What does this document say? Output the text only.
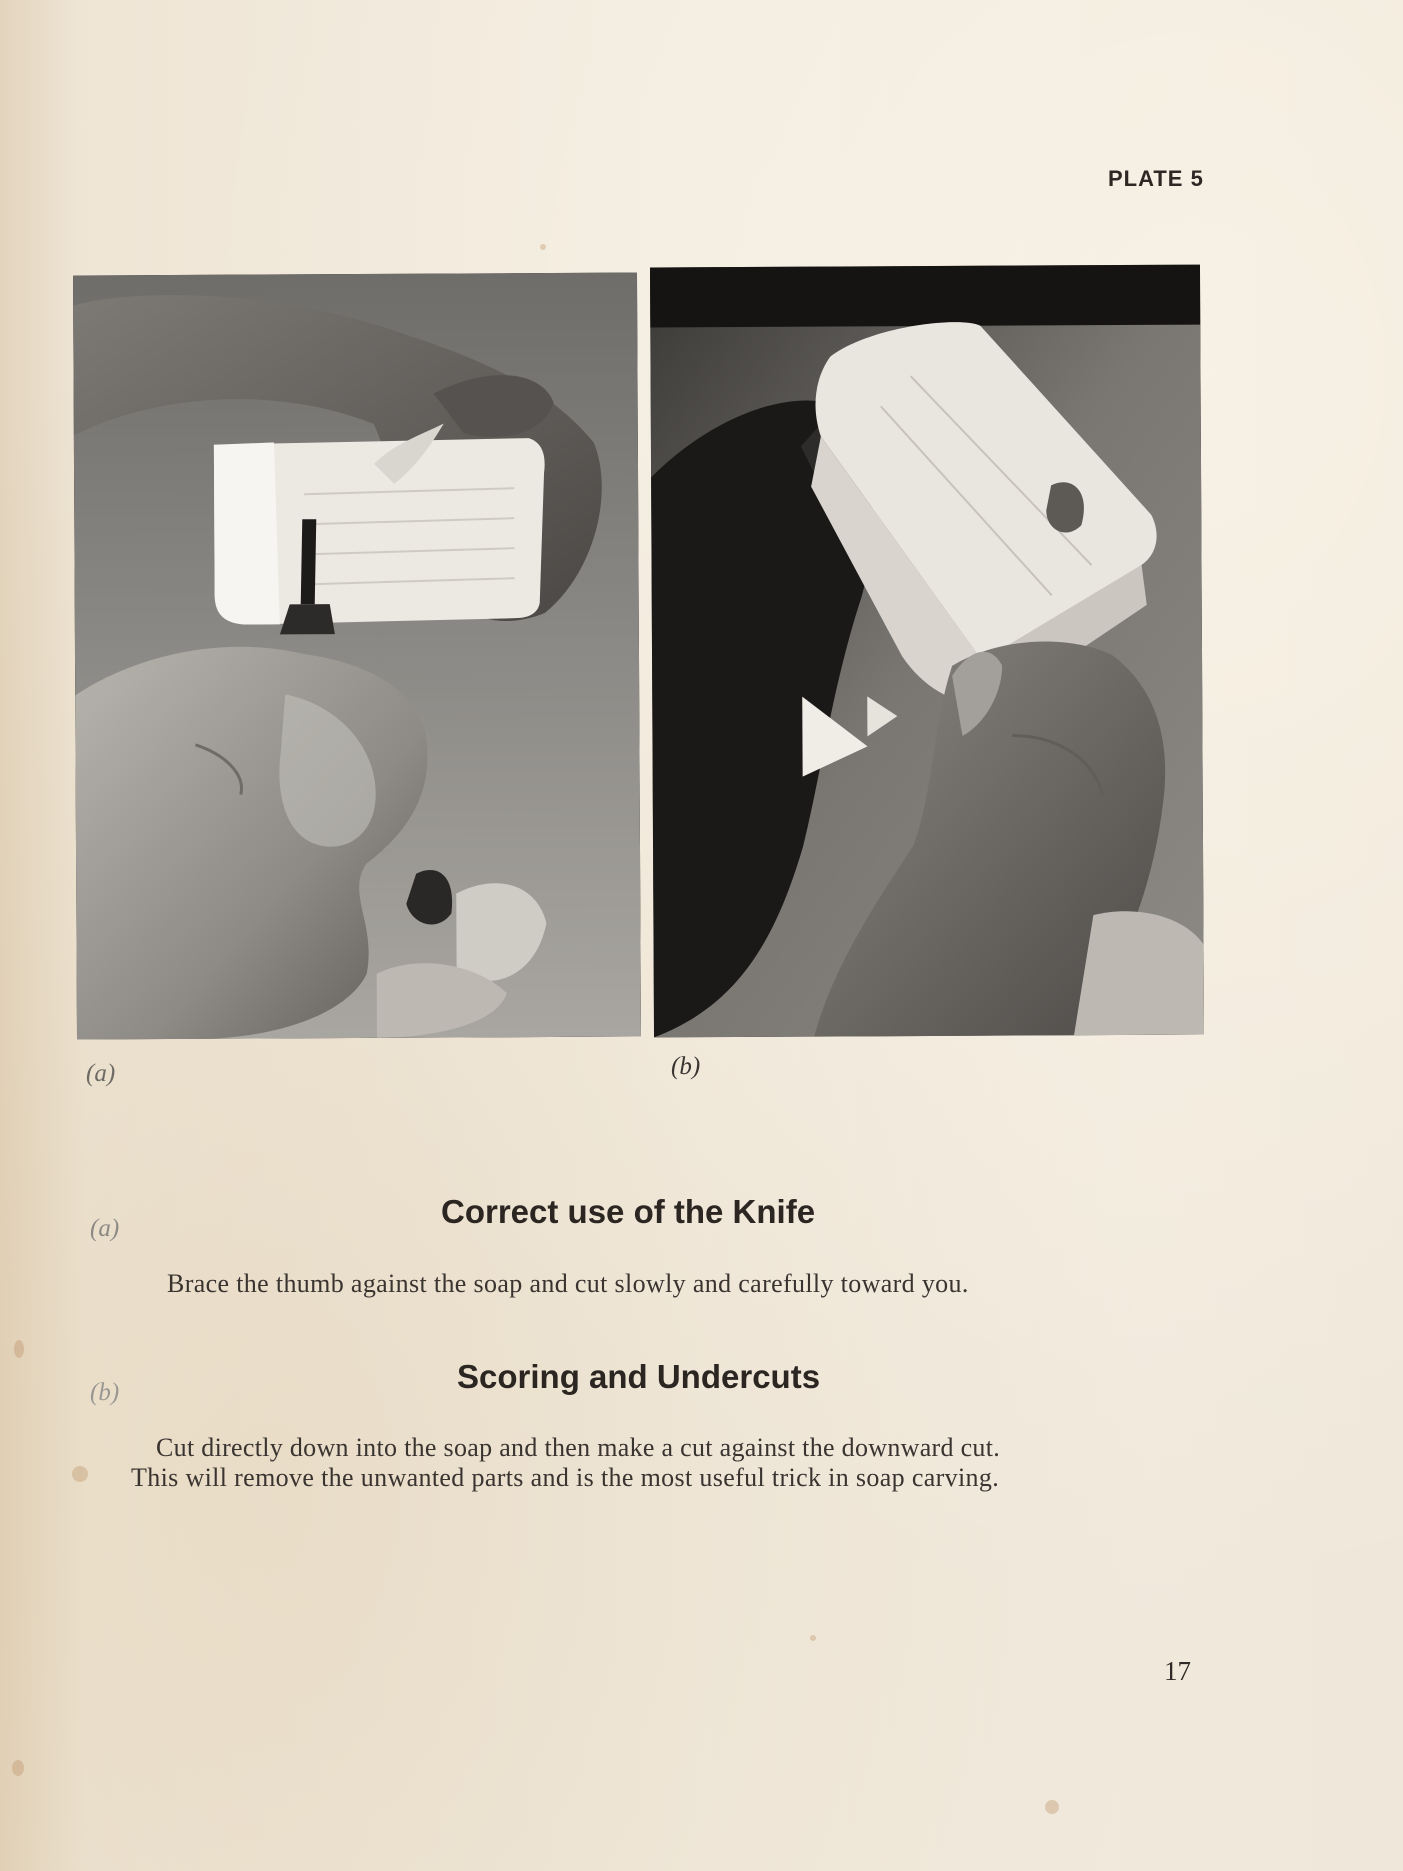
PLATE 5
(a)	(b)
(a)	Correct use of the Knife
Brace the thumb against the soap and cut slowly and carefully toward you.
(b)	Scoring and Undercuts
Cut directly down into the soap and then make a cut against the downward cut.
This will remove the unwanted parts and is the most useful trick in soap carving.
17
